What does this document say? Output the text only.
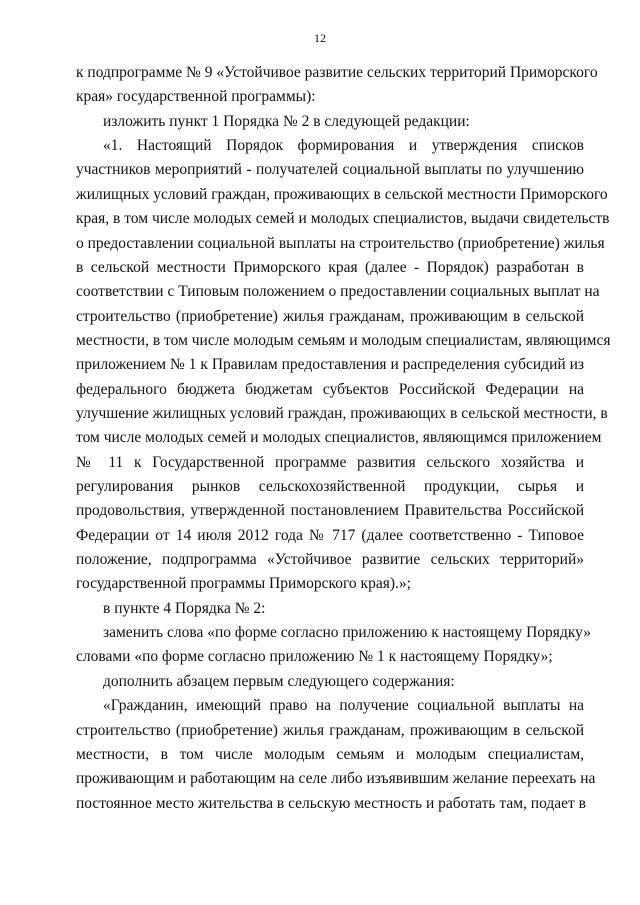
12
к подпрограмме № 9 «Устойчивое развитие сельских территорий Приморского
края» государственной программы):
изложить пункт 1 Порядка № 2 в следующей редакции:
«1. Настоящий Порядок формирования и утверждения списков
участников мероприятий - получателей социальной выплаты по улучшению
жилищных условий граждан, проживающих в сельской местности Приморского
края, в том числе молодых семей и молодых специалистов, выдачи свидетельств
о предоставлении социальной выплаты на строительство (приобретение) жилья
в сельской местности Приморского края (далее - Порядок) разработан в
соответствии с Типовым положением о предоставлении социальных выплат на
строительство (приобретение) жилья гражданам, проживающим в сельской
местности, в том числе молодым семьям и молодым специалистам, являющимся
приложением № 1 к Правилам предоставления и распределения субсидий из
федерального бюджета бюджетам субъектов Российской Федерации на
улучшение жилищных условий граждан, проживающих в сельской местности, в
том числе молодых семей и молодых специалистов, являющимся приложением
№ 11 к Государственной программе развития сельского хозяйства и
регулирования рынков сельскохозяйственной продукции, сырья и
продовольствия, утвержденной постановлением Правительства Российской
Федерации от 14 июля 2012 года № 717 (далее соответственно - Типовое
положение, подпрограмма «Устойчивое развитие сельских территорий»
государственной программы Приморского края).»;
в пункте 4 Порядка № 2:
заменить слова «по форме согласно приложению к настоящему Порядку»
словами «по форме согласно приложению № 1 к настоящему Порядку»;
дополнить абзацем первым следующего содержания:
«Гражданин, имеющий право на получение социальной выплаты на
строительство (приобретение) жилья гражданам, проживающим в сельской
местности, в том числе молодым семьям и молодым специалистам,
проживающим и работающим на селе либо изъявившим желание переехать на
постоянное место жительства в сельскую местность и работать там, подает в
